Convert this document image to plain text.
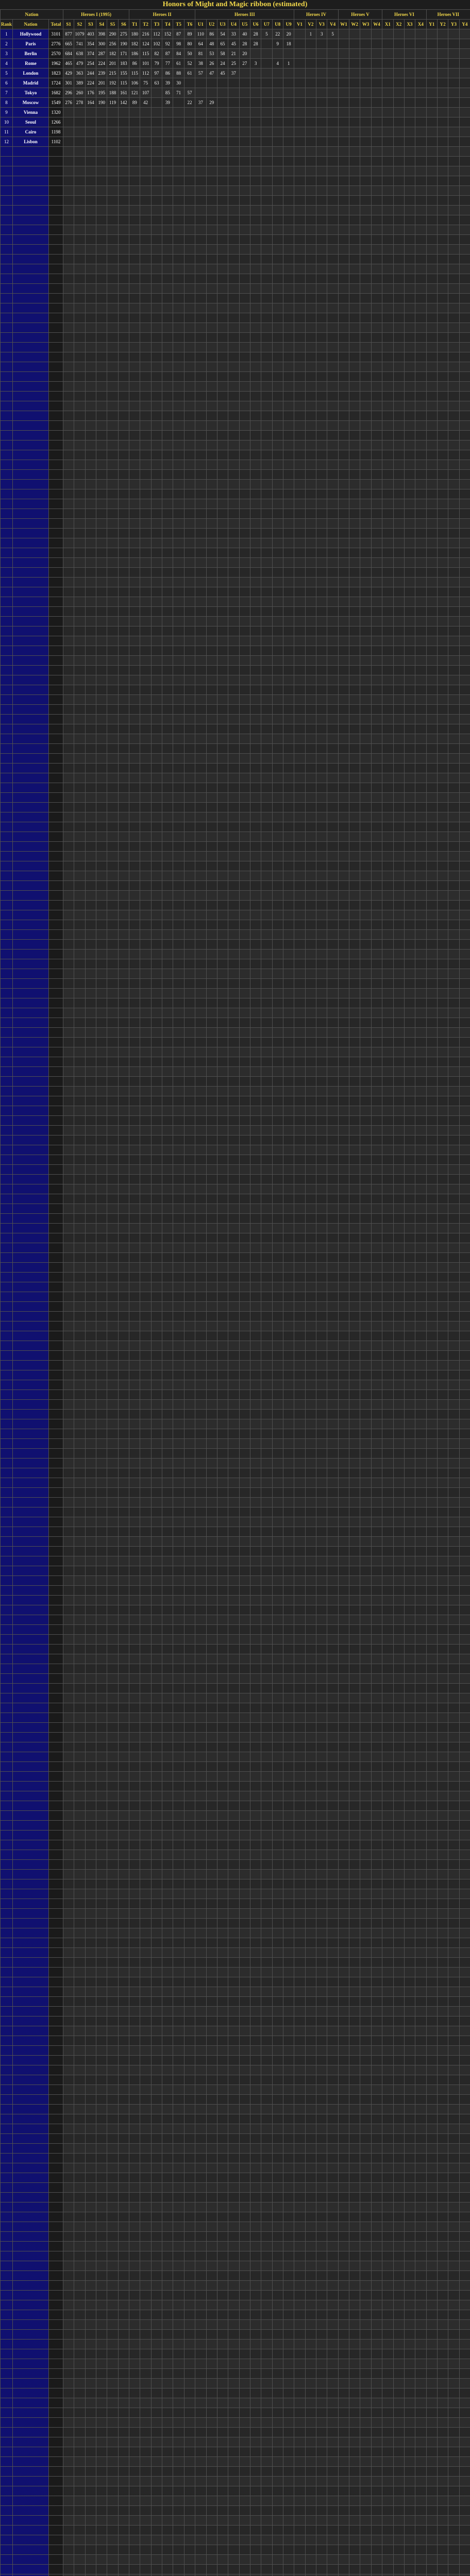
Honors of Might and Magic ribbon (estimated)
Nation			Heroes I (1995)						Heroes II						Heroes III									Heroes IV				Heroes V				Heroes VI				Heroes VII				
Rank	Nation	Total	S1	S2	S3	S4	S5	S6	T1	T2	T3	T4	T5	T6	U1	U2	U3	U4	U5	U6	U7	U8	U9	V1	V2	V3	V4	W1	W2	W3	W4	X1	X2	X3	X4	Y1	Y2	Y3	Y4	
1	Hollywood	3101	877	1079	403	398	290	275	180	216	112	152	87	89	110	86	54	33	40	28	5	22	20		1	3	5													
2	Paris	2776	665	741	354	300	256	190	182	124	102	92	98	80	64	48	65	45	28	28		9	18																	
3	Berlin	2570	684	638	374	287	182	171	186	115	82	87	84	50	81	53	58	21	20																					
4	Rome	1962	465	479	254	224	201	183	86	101	79	77	61	52	38	26	24	25	27	3		4	1																	
5	London	1823	429	363	244	239	215	155	115	112	97	86	88	61	57	47	45	37																						
6	Madrid	1724	301	389	224	201	192	115	106	75	63	39	30																											
7	Tokyo	1682	296	260	176	195	188	161	121	107		85	71	57																										
8	Moscow	1549	276	278	164	190	119	142	89	42		39		22	37	29																								
9	Vienna	1320																																						
10	Seoul	1266																																						
11	Cairo	1198																																						
12	Lisbon	1102																																						
